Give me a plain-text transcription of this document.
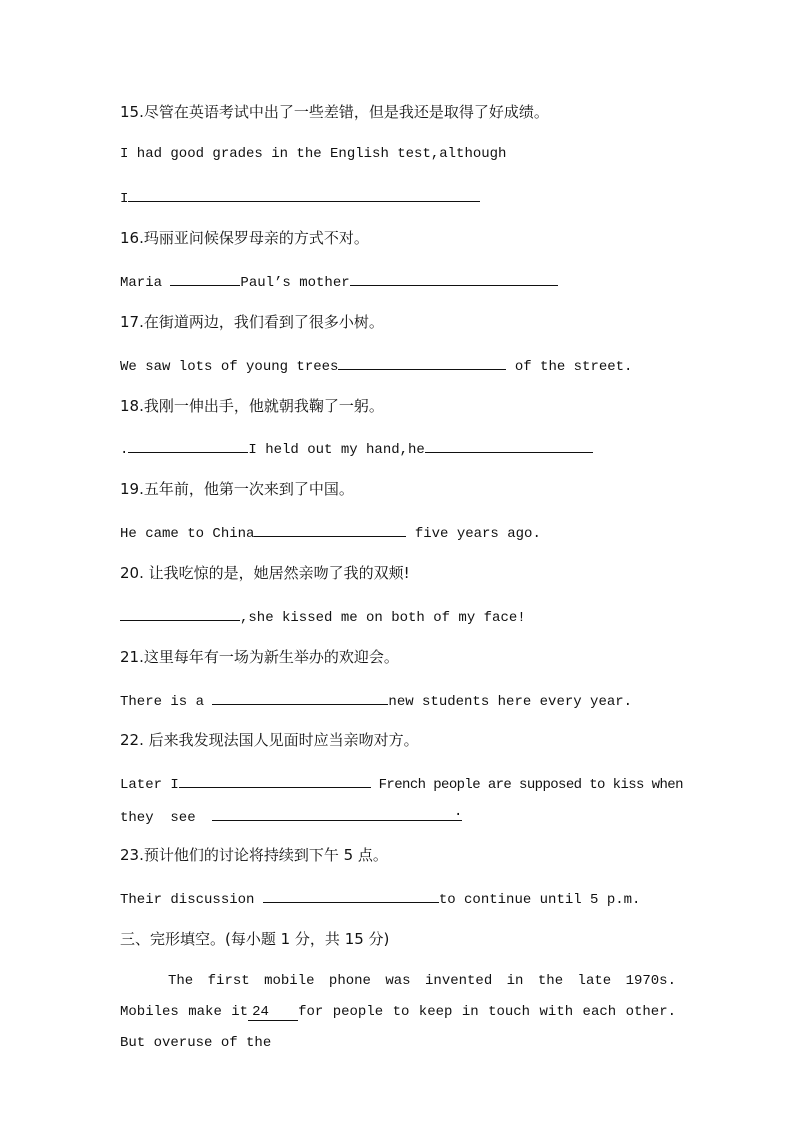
15.尽管在英语考试中出了一些差错，但是我还是取得了好成绩。
I had good grades in the English test,although
I
16.玛丽亚问候保罗母亲的方式不对。
Maria	Paul’s mother
17.在街道两边，我们看到了很多小树。
We saw lots of young trees	of the street.
18.我刚一伸出手，他就朝我鞠了一躬。
.	I held out my hand,he
19.五年前，他第一次来到了中国。
He came to China	five years ago.
20. 让我吃惊的是，她居然亲吻了我的双颊!
,she kissed me on both of my face!
21.这里每年有一场为新生举办的欢迎会。
There is a	new students here every year.
22. 后来我发现法国人见面时应当亲吻对方。
Later I	French people are supposed to kiss when
they  see	.
23.预计他们的讨论将持续到下午 5 点。
Their discussion	to continue until 5 p.m.
三、完形填空。(每小题 1 分，共 15 分)
The first mobile phone was invented in the late 1970s. Mobiles make it 24 for people to keep in touch with each other. But overuse of the
